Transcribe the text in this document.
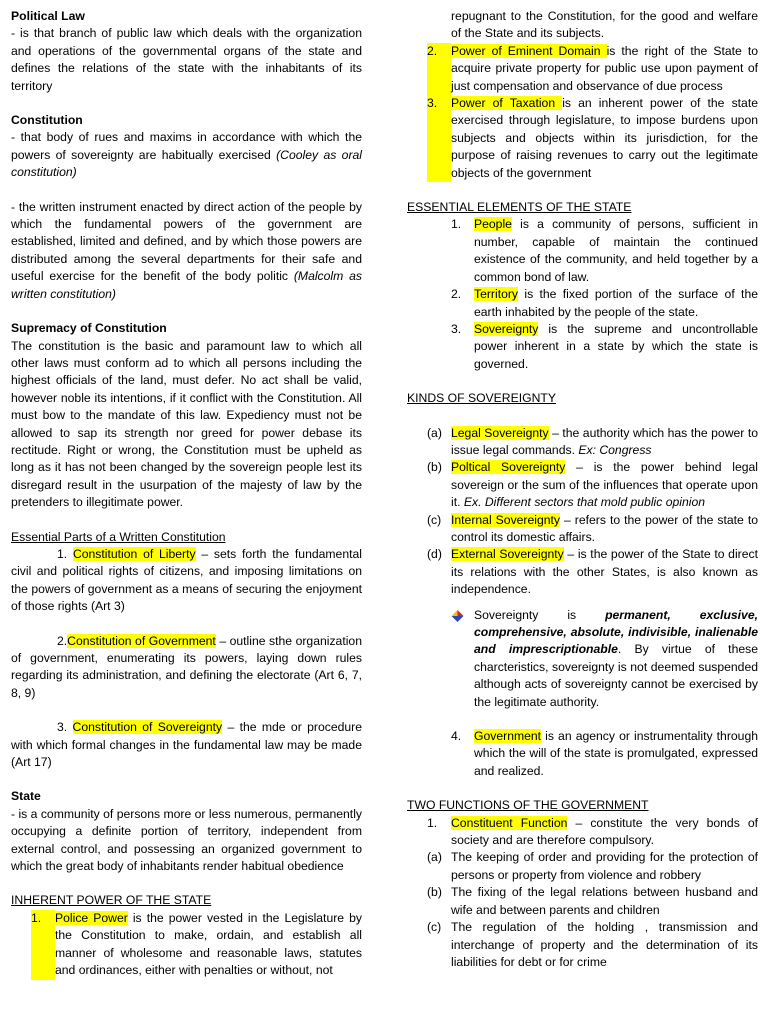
Political Law

- is that branch of public law which deals with the organization and operations of the governmental organs of the state and defines the relations of the state with the inhabitants of its territory

Constitution

- that body of rues and maxims in accordance with which the powers of sovereignty are habitually exercised (Cooley as oral constitution)

- the written instrument enacted by direct action of the people by which the fundamental powers of the government are established, limited and defined, and by which those powers are distributed among the several departments for their safe and useful exercise for the benefit of the body politic (Malcolm as written constitution)

Supremacy of Constitution

The constitution is the basic and paramount law to which all other laws must conform ad to which all persons including the highest officials of the land, must defer. No act shall be valid, however noble its intentions, if it conflict with the Constitution. All must bow to the mandate of this law. Expediency must not be allowed to sap its strength nor greed for power debase its rectitude. Right or wrong, the Constitution must be upheld as long as it has not been changed by the sovereign people lest its disregard result in the usurpation of the majesty of law by the pretenders to illegitimate power.

Essential Parts of a Written Constitution

1. Constitution of Liberty – sets forth the fundamental civil and political rights of citizens, and imposing limitations on the powers of government as a means of securing the enjoyment of those rights (Art 3)

2.Constitution of Government – outline sthe organization of government, enumerating its powers, laying down rules regarding its administration, and defining the electorate (Art 6, 7, 8, 9)

3. Constitution of Sovereignty – the mde or procedure with which formal changes in the fundamental law may be made (Art 17)

State

- is a community of persons more or less numerous, permanently occupying a definite portion of territory, independent from external control, and possessing an organized government to which the great body of inhabitants render habitual obedience

INHERENT POWER OF THE STATE

1.	Police Power is the power vested in the Legislature by the Constitution to make, ordain, and establish all manner of wholesome and reasonable laws, statutes and ordinances, either with penalties or without, not

repugnant to the Constitution, for the good and welfare of the State and its subjects.

2.	Power of Eminent Domain is the right of the State to acquire private property for public use upon payment of just compensation and observance of due process
3.	Power of Taxation is an inherent power of the state exercised through legislature, to impose burdens upon subjects and objects within its jurisdiction, for the purpose of raising revenues to carry out the legitimate objects of the government

ESSENTIAL ELEMENTS OF THE STATE

1.	People is a community of persons, sufficient in number, capable of maintain the continued existence of the community, and held together by a common bond of law.
2.	Territory is the fixed portion of the surface of the earth inhabited by the people of the state.
3.	Sovereignty is the supreme and uncontrollable power inherent in a state by which the state is governed.

KINDS OF SOVEREIGNTY

(a) Legal Sovereignty – the authority which has the power to issue legal commands. Ex: Congress
(b) Poltical Sovereignty – is the power behind legal sovereign or the sum of the influences that operate upon it. Ex. Different sectors that mold public opinion
(c) Internal Sovereignty – refers to the power of the state to control its domestic affairs.
(d) External Sovereignty – is the power of the State to direct its relations with the other States, is also known as independence.
Sovereignty is permanent, exclusive, comprehensive, absolute, indivisible, inalienable and imprescriptionable. By virtue of these charcteristics, sovereignty is not deemed suspended although acts of sovereignty cannot be exercised by the legitimate authority.
4.	Government is an agency or instrumentality through which the will of the state is promulgated, expressed and realized.

TWO FUNCTIONS OF THE GOVERNMENT

1.	Constituent Function – constitute the very bonds of society and are therefore compulsory.
(a) The keeping of order and providing for the protection of persons or property from violence and robbery
(b) The fixing of the legal relations between husband and wife and between parents and children
(c) The regulation of the holding , transmission and interchange of property and the determination of its liabilities for debt or for crime
